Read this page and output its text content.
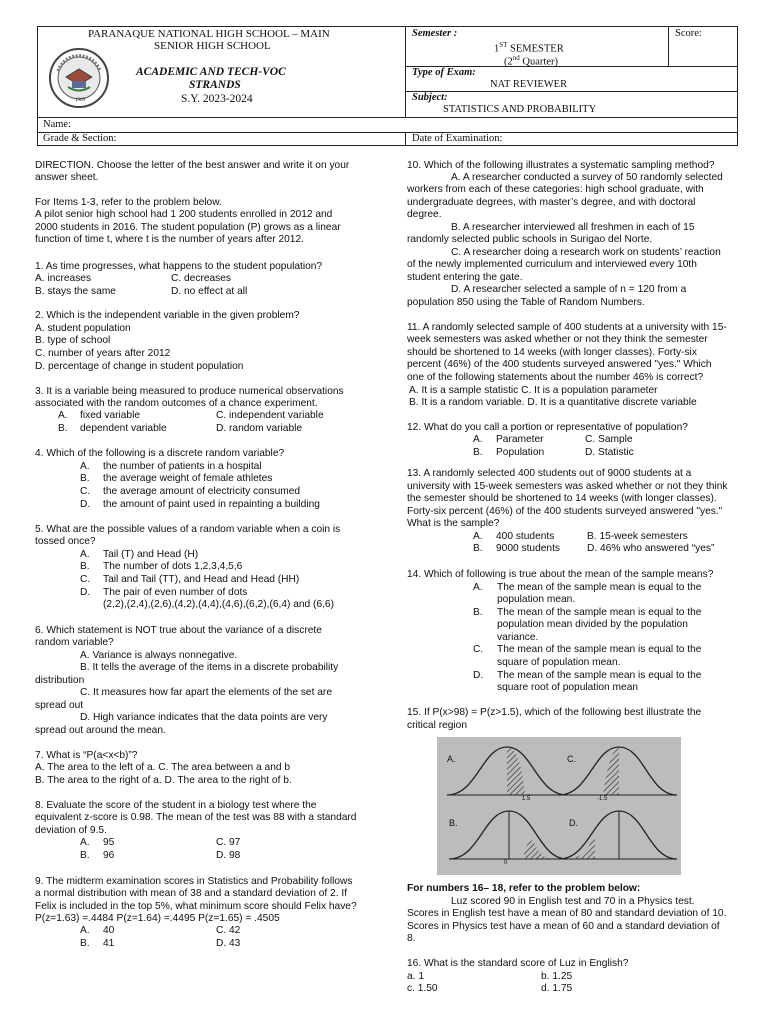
1969
PARANAQUE NATIONAL HIGH SCHOOL – MAIN
SENIOR HIGH SCHOOL
ACADEMIC AND TECH-VOC
STRANDS
S.Y. 2023-2024
Semester :
1ST SEMESTER
(2nd Quarter)
Score:
Type of Exam:
NAT REVIEWER
Subject:
STATISTICS AND PROBABILITY
Name:
Grade & Section:	Date of Examination:
DIRECTION. Choose the letter of the best answer and write it on your
answer sheet.
For Items 1-3, refer to the problem below.
A pilot senior high school had 1 200 students enrolled in 2012 and
2000 students in 2016. The student population (P) grows as a linear
function of time t, where t is the number of years after 2012.
1. As time progresses, what happens to the student population?
A. increases	C. decreases
B. stays the same	D. no effect at all
2. Which is the independent variable in the given problem?
A. student population
B. type of school
C. number of years after 2012
D. percentage of change in student population
3. It is a variable being measured to produce numerical observations
associated with the random outcomes of a chance experiment.
A. fixed variable	C. independent variable
B. dependent variable	D. random variable
4. Which of the following is a discrete random variable?
A. the number of patients in a hospital
B. the average weight of female athletes
C. the average amount of electricity consumed
D. the amount of paint used in repainting a building
5. What are the possible values of a random variable when a coin is
tossed once?
A. Tail (T) and Head (H)
B. The number of dots 1,2,3,4,5,6
C. Tail and Tail (TT), and Head and Head (HH)
D. The pair of even number of dots
(2,2),(2,4),(2,6),(4,2),(4,4),(4,6),(6,2),(6,4) and (6,6)
6. Which statement is NOT true about the variance of a discrete
random variable?
A. Variance is always nonnegative.
B. It tells the average of the items in a discrete probability
distribution
C. It measures how far apart the elements of the set are
spread out
D. High variance indicates that the data points are very
spread out around the mean.
7. What is “P(a<x<b)”?
A. The area to the left of a. C. The area between a and b
B. The area to the right of a. D. The area to the right of b.
8. Evaluate the score of the student in a biology test where the
equivalent z-score is 0.98. The mean of the test was 88 with a standard
deviation of 9.5.
A. 95	C. 97
B. 96	D. 98
9. The midterm examination scores in Statistics and Probability follows
a normal distribution with mean of 38 and a standard deviation of 2. If
Felix is included in the top 5%, what minimum score should Felix have?
P(z=1.63) =.4484 P(z=1.64) =.4495 P(z=1.65) = .4505
A. 40	C. 42
B. 41	D. 43
10. Which of the following illustrates a systematic sampling method?
A. A researcher conducted a survey of 50 randomly selected
workers from each of these categories: high school graduate, with
undergraduate degrees, with master’s degree, and with doctoral
degree.
B. A researcher interviewed all freshmen in each of 15
randomly selected public schools in Surigao del Norte.
C. A researcher doing a research work on students’ reaction
of the newly implemented curriculum and interviewed every 10th
student entering the gate.
D. A researcher selected a sample of n = 120 from a
population 850 using the Table of Random Numbers.
11. A randomly selected sample of 400 students at a university with 15-
week semesters was asked whether or not they think the semester
should be shortened to 14 weeks (with longer classes). Forty-six
percent (46%) of the 400 students surveyed answered "yes." Which
one of the following statements about the number 46% is correct?
A. It is a sample statistic C. It is a population parameter
B. It is a random variable. D. It is a quantitative discrete variable
12. What do you call a portion or representative of population?
A. Parameter	C. Sample
B. Population	D. Statistic
13. A randomly selected 400 students out of 9000 students at a
university with 15-week semesters was asked whether or not they think
the semester should be shortened to 14 weeks (with longer classes).
Forty-six percent (46%) of the 400 students surveyed answered "yes."
What is the sample?
A. 400 students	B. 15-week semesters
B. 9000 students	D. 46% who answered “yes”
14. Which of following is true about the mean of the sample means?
A. The mean of the sample mean is equal to the
population mean.
B. The mean of the sample mean is equal to the
population mean divided by the population
variance.
C. The mean of the sample mean is equal to the
square of population mean.
D. The mean of the sample mean is equal to the
square root of population mean
15. If P(x>98) = P(z>1.5), which of the following best illustrate the
critical region
A.	C.
B.	D.
0
1.5	-1.5
For numbers 16– 18, refer to the problem below:
Luz scored 90 in English test and 70 in a Physics test.
Scores in English test have a mean of 80 and standard deviation of 10.
Scores in Physics test have a mean of 60 and a standard deviation of
8.
16. What is the standard score of Luz in English?
a. 1	b. 1.25
c. 1.50	d. 1.75
